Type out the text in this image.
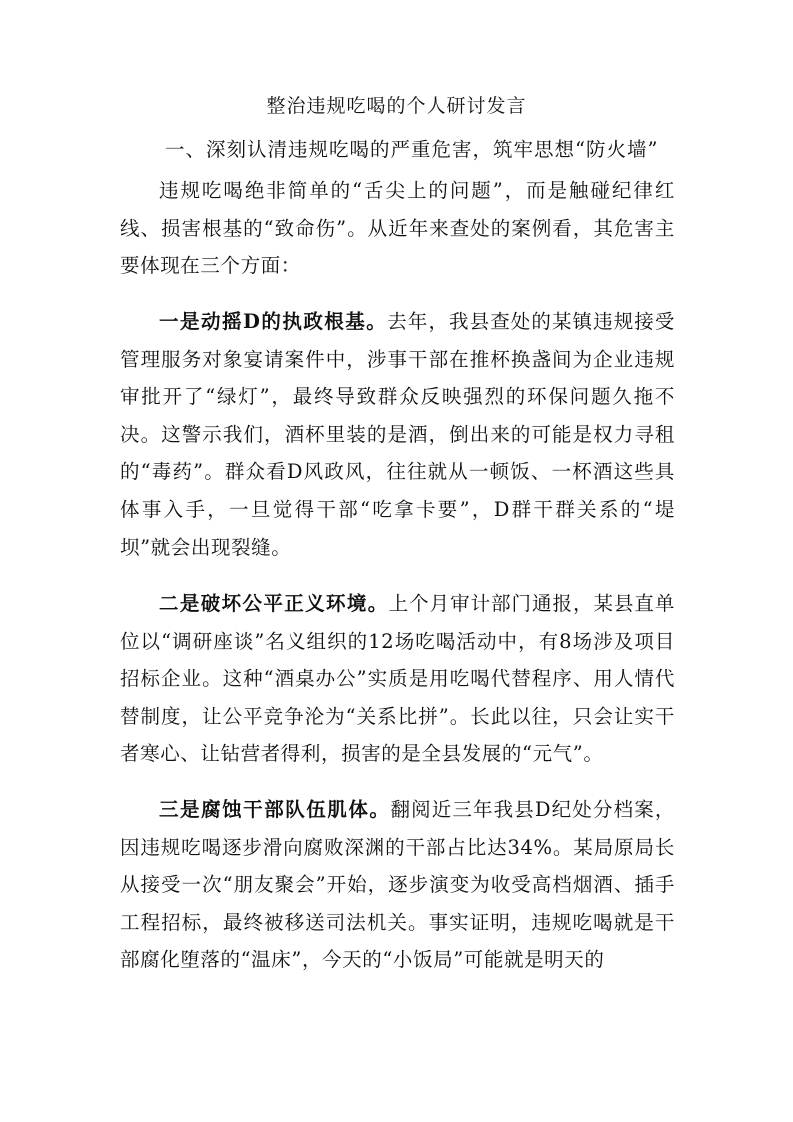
整治违规吃喝的个人研讨发言
一、深刻认清违规吃喝的严重危害，筑牢思想“防火墙”

违规吃喝绝非简单的“舌尖上的问题”，而是触碰纪律红线、损害根基的“致命伤”。从近年来查处的案例看，其危害主要体现在三个方面：

一是动摇D的执政根基。去年，我县查处的某镇违规接受管理服务对象宴请案件中，涉事干部在推杯换盏间为企业违规审批开了“绿灯”，最终导致群众反映强烈的环保问题久拖不决。这警示我们，酒杯里装的是酒，倒出来的可能是权力寻租的“毒药”。群众看D风政风，往往就从一顿饭、一杯酒这些具体事入手，一旦觉得干部“吃拿卡要”，D群干群关系的“堤坝”就会出现裂缝。

二是破坏公平正义环境。上个月审计部门通报，某县直单位以“调研座谈”名义组织的12场吃喝活动中，有8场涉及项目招标企业。这种“酒桌办公”实质是用吃喝代替程序、用人情代替制度，让公平竞争沦为“关系比拼”。长此以往，只会让实干者寒心、让钻营者得利，损害的是全县发展的“元气”。

三是腐蚀干部队伍肌体。翻阅近三年我县D纪处分档案，因违规吃喝逐步滑向腐败深渊的干部占比达34%。某局原局长从接受一次“朋友聚会”开始，逐步演变为收受高档烟酒、插手工程招标，最终被移送司法机关。事实证明，违规吃喝就是干部腐化堕落的“温床”，今天的“小饭局”可能就是明天的
